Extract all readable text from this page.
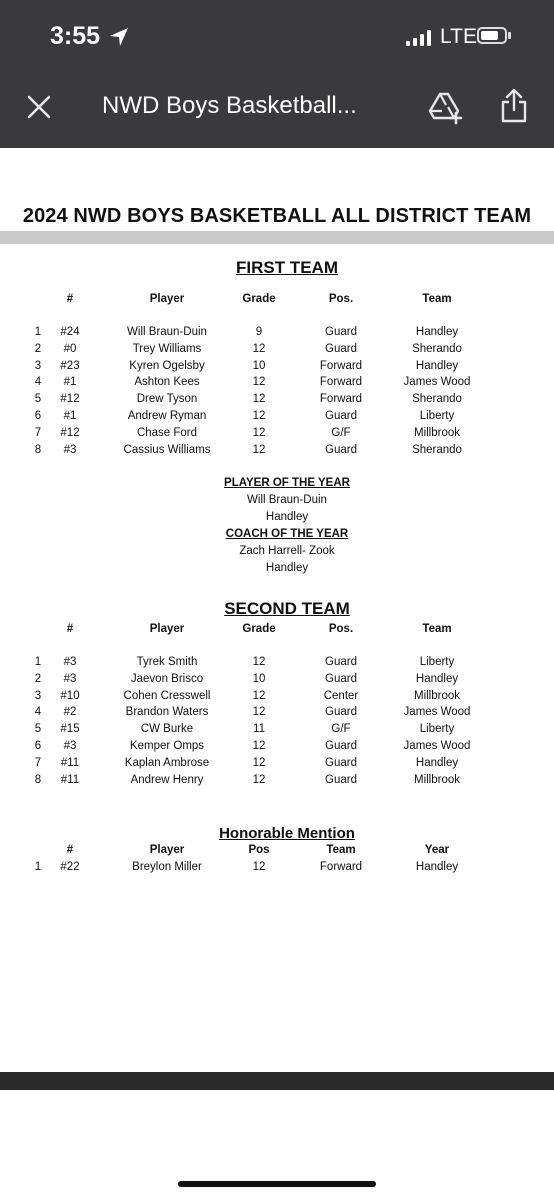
3:55	LTE
NWD Boys Basketball...
2024 NWD BOYS BASKETBALL ALL DISTRICT TEAM
FIRST TEAM
SECOND TEAM
Honorable Mention
PLAYER OF THE YEAR
Will Braun-Duin
Handley
COACH OF THE YEAR
Zach Harrell- Zook
Handley
#	Player	Grade	Pos.	Team
1 #24	Will Braun-Duin	9	Guard	Handley
2 #0	Trey Williams	12	Guard	Sherando
3 #23	Kyren Ogelsby	10	Forward	Handley
4 #1	Ashton Kees	12	Forward	James Wood
5 #12	Drew Tyson	12	Forward	Sherando
6 #1	Andrew Ryman	12	Guard	Liberty
7 #12	Chase Ford	12	G/F	Millbrook
8 #3	Cassius Williams	12	Guard	Sherando
#	Player	Grade	Pos.	Team
1 #3	Tyrek Smith	12	Guard	Liberty
2 #3	Jaevon Brisco	10	Guard	Handley
3 #10	Cohen Cresswell	12	Center	Millbrook
4 #2	Brandon Waters	12	Guard	James Wood
5 #15	CW Burke	11	G/F	Liberty
6 #3	Kemper Omps	12	Guard	James Wood
7 #11	Kaplan Ambrose	12	Guard	Handley
8 #11	Andrew Henry	12	Guard	Millbrook
#	Player	Pos	Team	Year
1 #22	Breylon Miller	12	Forward	Handley
